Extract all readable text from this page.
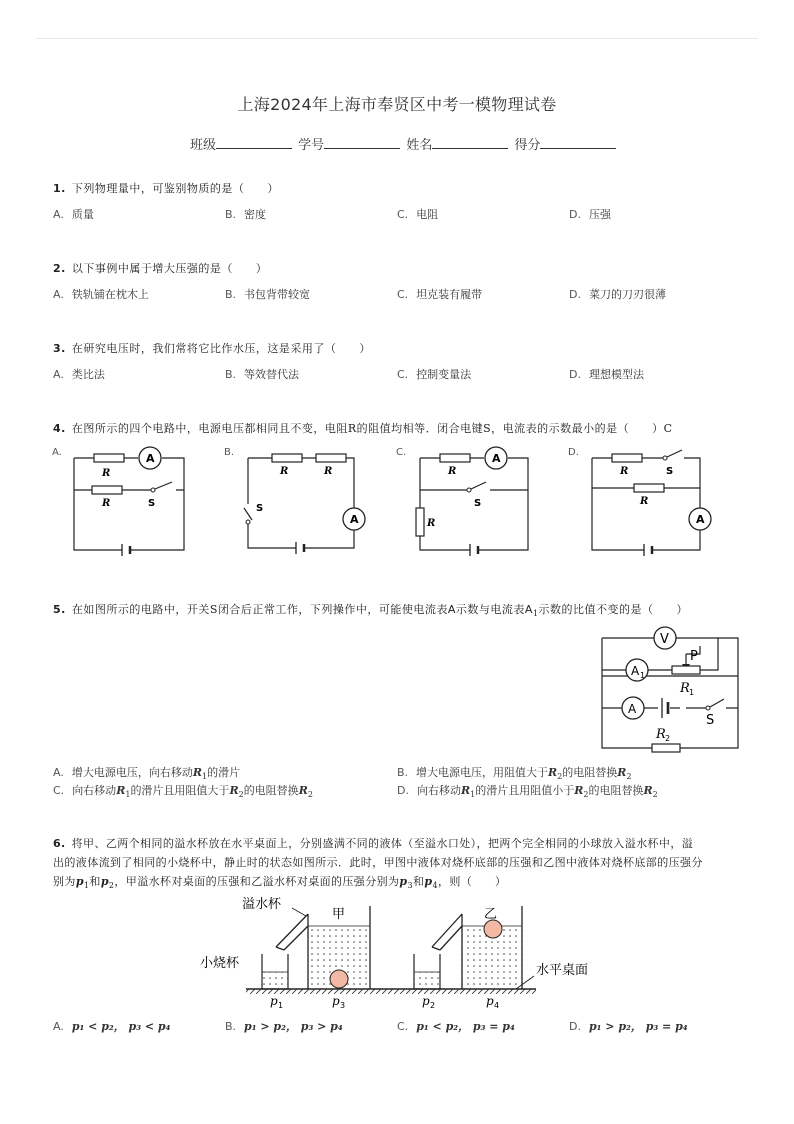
上海2024年上海市奉贤区中考一模物理试卷
班级	学号	姓名	得分
1. 下列物理量中，可鉴别物质的是（　　）
A. 质量	B. 密度	C. 电阻	D. 压强
2. 以下事例中属于增大压强的是（　　）
A. 铁轨铺在枕木上	B. 书包背带较宽	C. 坦克装有履带	D. 菜刀的刀刃很薄
3. 在研究电压时，我们常将它比作水压，这是采用了（　　）
A. 类比法	B. 等效替代法	C. 控制变量法	D. 理想模型法
4. 在图所示的四个电路中，电源电压都相同且不变，电阻R的阻值均相等．闭合电键S，电流表的示数最小的是（　　）C
A.	A
R
R	S
B.
A
R	R
S
C.	A
R
R
S
D.
A
R
R
S
5. 在如图所示的电路中，开关S闭合后正常工作，下列操作中，可能使电流表A示数与电流表$A_1$示数的比值不变的是（　　）
V
A 1
P
R 1
A
S
R 2
A. 增大电源电压，向右移动$R_1$的滑片	B. 增大电源电压，用阻值大于$R_2$的电阻替换$R_2$
C. 向右移动$R_1$的滑片且用阻值大于$R_2$的电阻替换$R_2$	D. 向右移动$R_1$的滑片且用阻值小于$R_2$的电阻替换$R_2$
6. 将甲、乙两个相同的溢水杯放在水平桌面上，分别盛满不同的液体（至溢水口处），把两个完全相同的小球放入溢水杯中，溢
出的液体流到了相同的小烧杯中，静止时的状态如图所示．此时，甲图中液体对烧杯底部的压强和乙图中液体对烧杯底部的压强分
别为$p_1$和$p_2$，甲溢水杯对桌面的压强和乙溢水杯对桌面的压强分别为$p_3$和$p_4$，则（　　）
溢水杯
甲	乙
小烧杯	水平桌面
p 1	p 3	p 2	p 4
A. p₁ < p₂， p₃ < p₄	B. p₁ > p₂， p₃ > p₄	C. p₁ < p₂， p₃ = p₄	D. p₁ > p₂， p₃ = p₄
